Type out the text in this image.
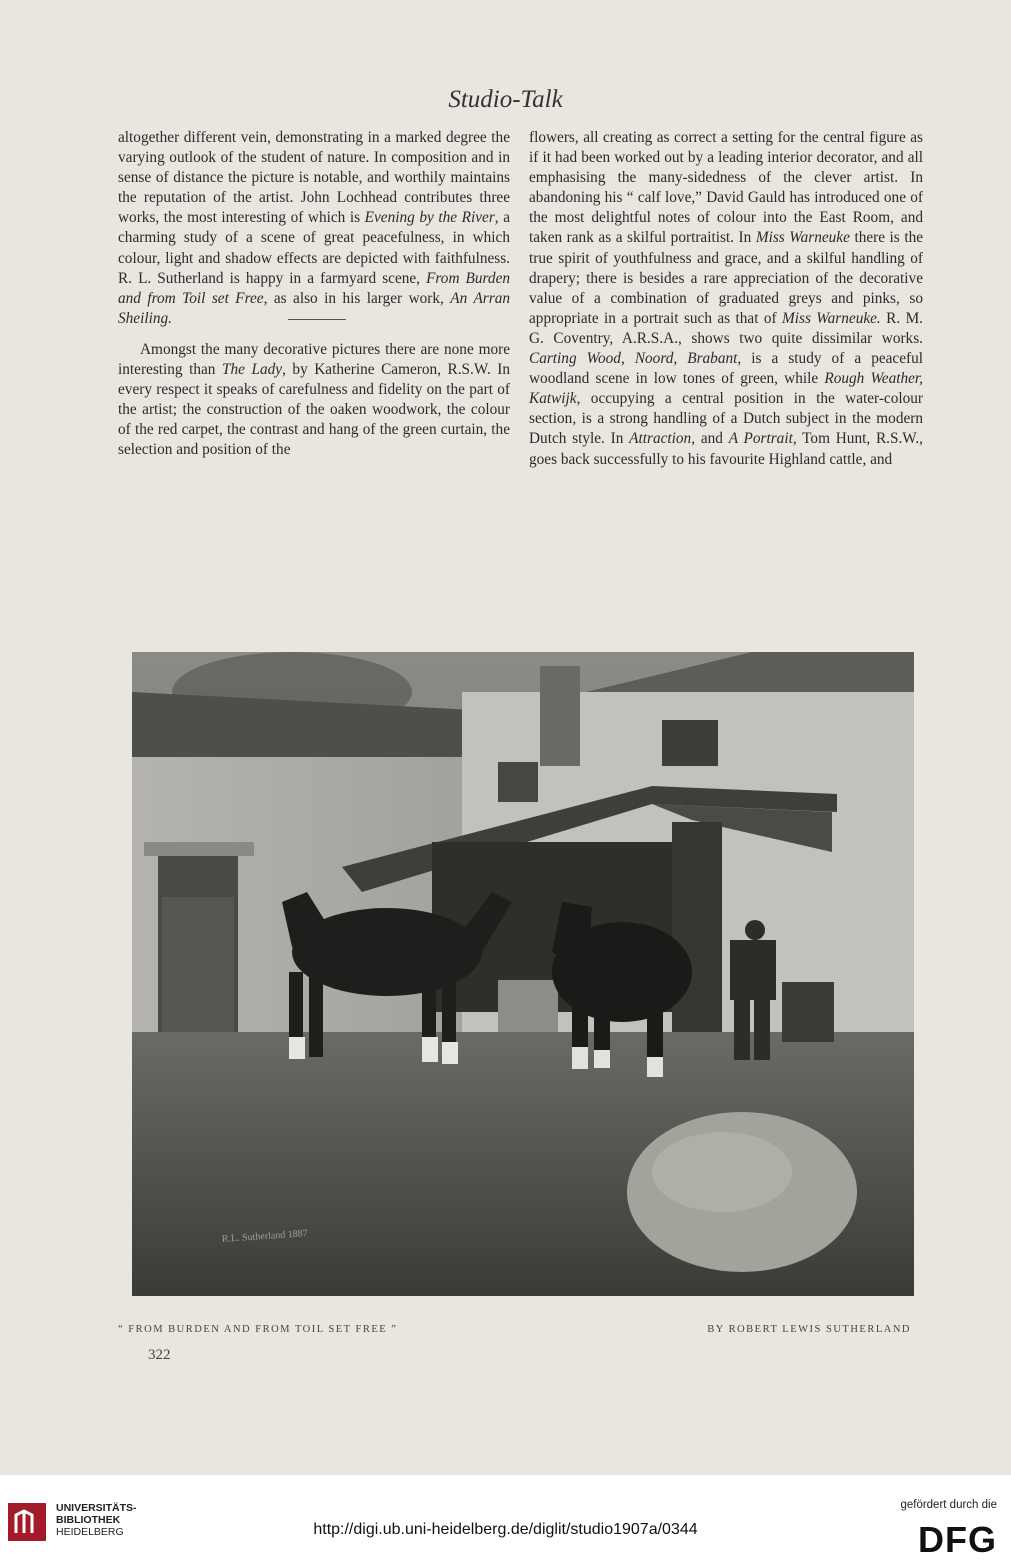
Studio-Talk

altogether different vein, demonstrating in a marked degree the varying outlook of the student of nature. In composition and in sense of distance the picture is notable, and worthily maintains the reputation of the artist. John Lochhead contributes three works, the most interesting of which is Evening by the River, a charming study of a scene of great peacefulness, in which colour, light and shadow effects are depicted with faithfulness. R. L. Sutherland is happy in a farmyard scene, From Burden and from Toil set Free, as also in his larger work, An Arran Sheiling.

Amongst the many decorative pictures there are none more interesting than The Lady, by Katherine Cameron, R.S.W. In every respect it speaks of carefulness and fidelity on the part of the artist; the construction of the oaken woodwork, the colour of the red carpet, the contrast and hang of the green curtain, the selection and position of the

flowers, all creating as correct a setting for the central figure as if it had been worked out by a leading interior decorator, and all emphasising the many-sidedness of the clever artist. In abandoning his “ calf love,” David Gauld has introduced one of the most delightful notes of colour into the East Room, and taken rank as a skilful portraitist. In Miss Warneuke there is the true spirit of youthfulness and grace, and a skilful handling of drapery; there is besides a rare appreciation of the decorative value of a combination of graduated greys and pinks, so appropriate in a portrait such as that of Miss Warneuke. R. M. G. Coventry, A.R.S.A., shows two quite dissimilar works. Carting Wood, Noord, Brabant, is a study of a peaceful woodland scene in low tones of green, while Rough Weather, Katwijk, occupying a central position in the water-colour section, is a strong handling of a Dutch subject in the modern Dutch style. In Attraction, and A Portrait, Tom Hunt, R.S.W., goes back successfully to his favourite Highland cattle, and

R.L. Sutherland 1887
“ FROM BURDEN AND FROM TOIL SET FREE ”	BY ROBERT LEWIS SUTHERLAND
322
UNIVERSITÄTS-
BIBLIOTHEK
HEIDELBERG	http://digi.ub.uni-heidelberg.de/diglit/studio1907a/0344
gefördert durch die
DFG
